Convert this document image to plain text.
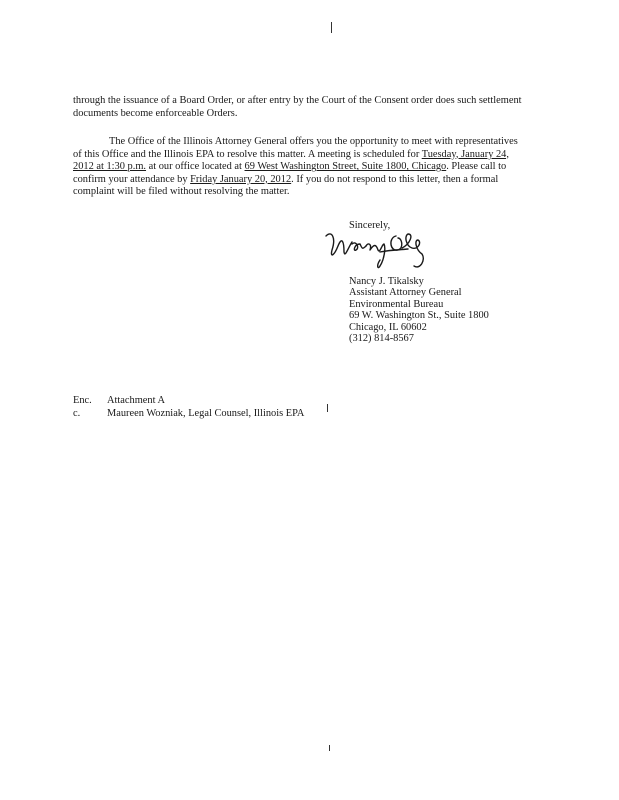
through the issuance of a Board Order, or after entry by the Court of the Consent order does such settlement documents become enforceable Orders.

The Office of the Illinois Attorney General offers you the opportunity to meet with representatives of this Office and the Illinois EPA to resolve this matter. A meeting is scheduled for Tuesday, January 24, 2012 at 1:30 p.m. at our office located at 69 West Washington Street, Suite 1800, Chicago. Please call to confirm your attendance by Friday January 20, 2012. If you do not respond to this letter, then a formal complaint will be filed without resolving the matter.

Sincerely,
Nancy J. Tikalsky
Assistant Attorney General
Environmental Bureau
69 W. Washington St., Suite 1800
Chicago, IL 60602
(312) 814-8567
Enc. Attachment A
c.	Maureen Wozniak, Legal Counsel, Illinois EPA
